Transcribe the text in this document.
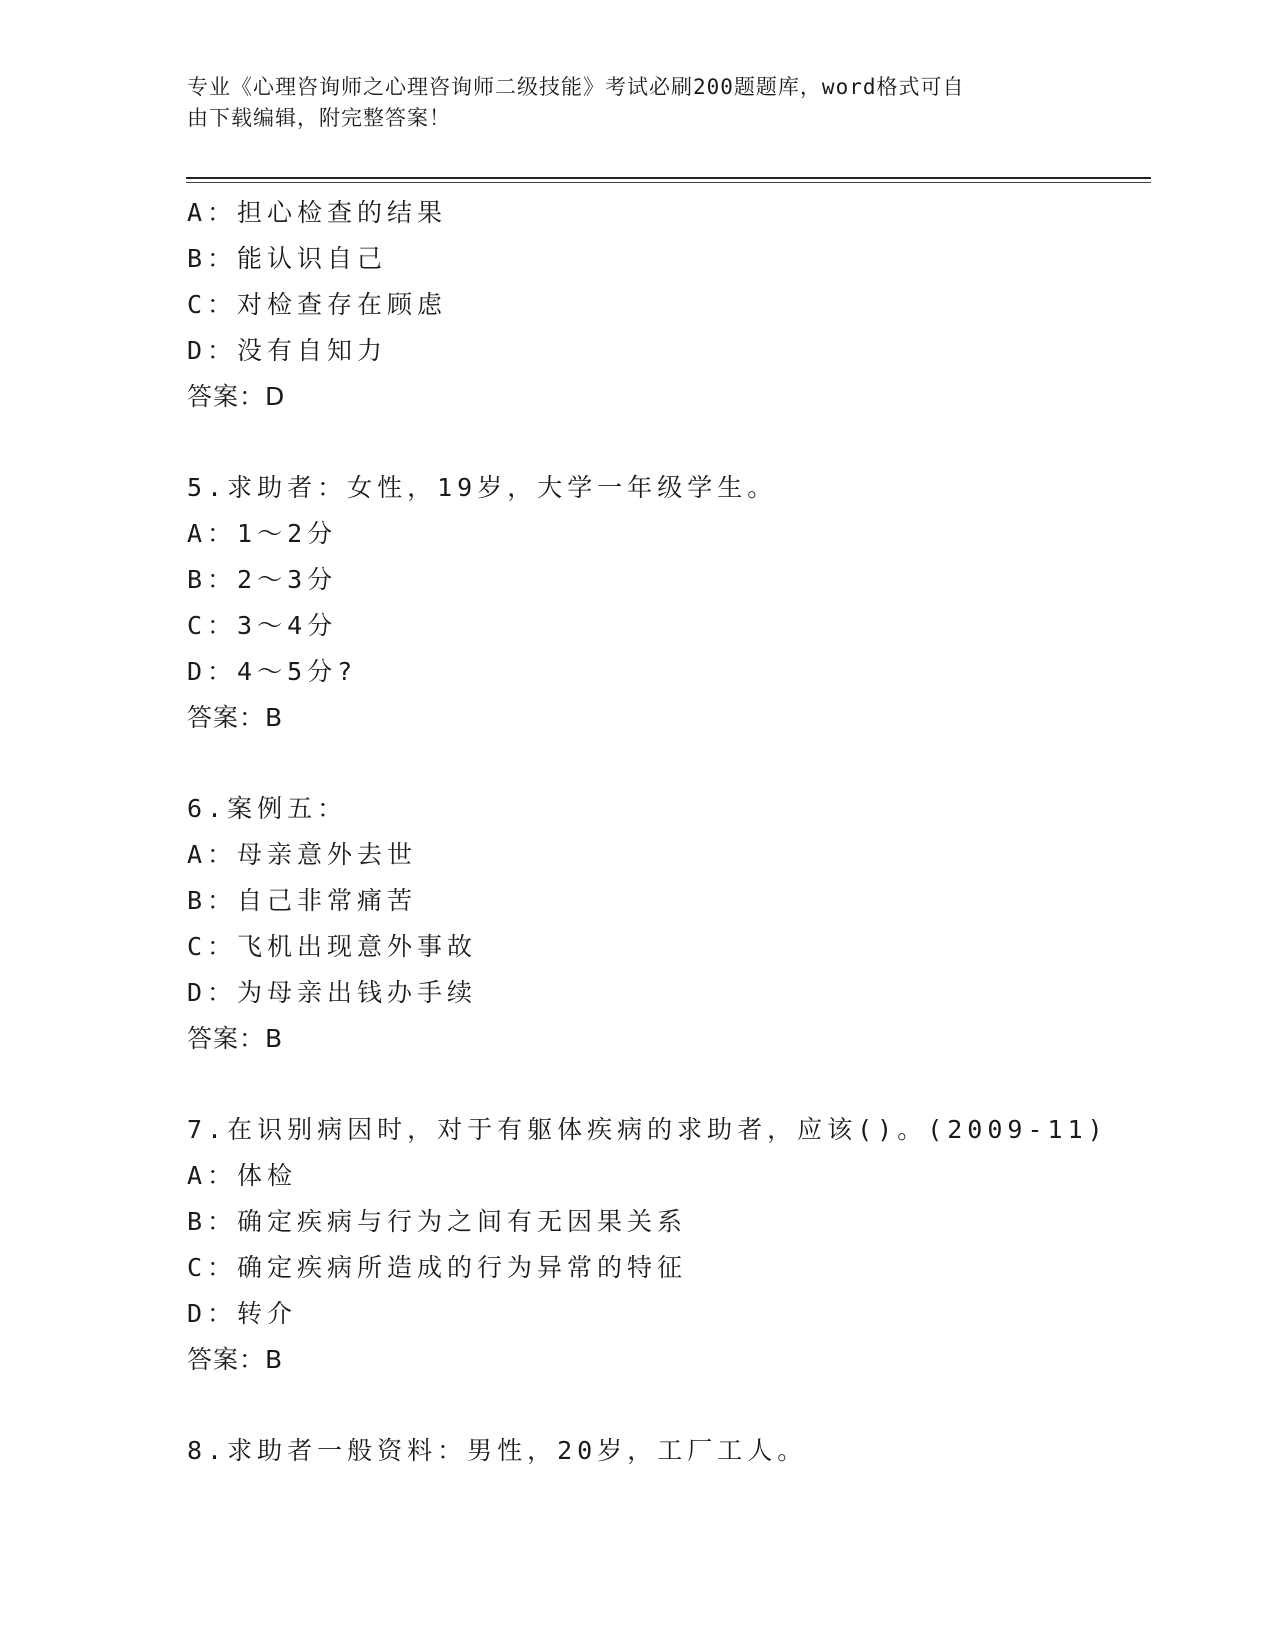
专业《心理咨询师之心理咨询师二级技能》考试必刷200题题库，word格式可自
由下载编辑，附完整答案！
A：担心检查的结果
B：能认识自己
C：对检查存在顾虑
D：没有自知力
答案：D
5.求助者：女性，19岁，大学一年级学生。
A：1～2分
B：2～3分
C：3～4分
D：4～5分?
答案：B
6.案例五：
A：母亲意外去世
B：自己非常痛苦
C：飞机出现意外事故
D：为母亲出钱办手续
答案：B
7.在识别病因时，对于有躯体疾病的求助者，应该()。(2009-11)
A：体检
B：确定疾病与行为之间有无因果关系
C：确定疾病所造成的行为异常的特征
D：转介
答案：B
8.求助者一般资料：男性，20岁，工厂工人。
